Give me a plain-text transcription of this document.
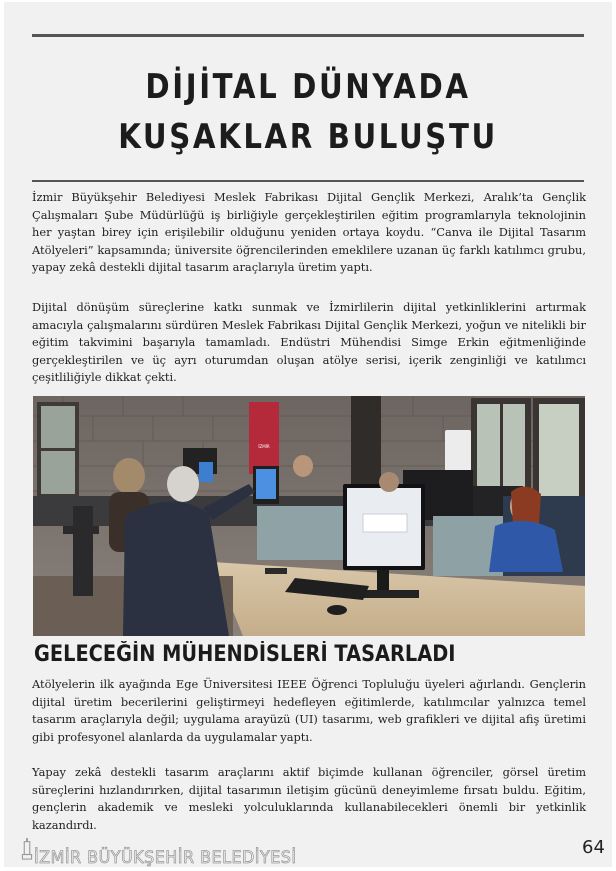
DİJİTAL DÜNYADA
KUŞAKLAR BULUŞTU

İzmir Büyükşehir Belediyesi Meslek Fabrikası Dijital Gençlik Merkezi, Aralık’ta Gençlik Çalışmaları Şube Müdürlüğü iş birliğiyle gerçekleştirilen eğitim programlarıyla teknolojinin her yaştan birey için erişilebilir olduğunu yeniden ortaya koydu. “Canva ile Dijital Tasarım Atölyeleri” kapsamında; üniversite öğrencilerinden emeklilere uzanan üç farklı katılımcı grubu, yapay zekâ destekli dijital tasarım araçlarıyla üretim yaptı.

Dijital dönüşüm süreçlerine katkı sunmak ve İzmirlilerin dijital yetkinliklerini artırmak amacıyla çalışmalarını sürdüren Meslek Fabrikası Dijital Gençlik Merkezi, yoğun ve nitelikli bir eğitim takvimini başarıyla tamamladı. Endüstri Mühendisi Simge Erkin eğitmenliğinde gerçekleştirilen ve üç ayrı oturumdan oluşan atölye serisi, içerik zenginliği ve katılımcı çeşitliliğiyle dikkat çekti.

İZMİR
GELECEĞİN MÜHENDİSLERİ TASARLADI

Atölyelerin ilk ayağında Ege Üniversitesi IEEE Öğrenci Topluluğu üyeleri ağırlandı. Gençlerin dijital üretim becerilerini geliştirmeyi hedefleyen eğitimlerde, katılımcılar yalnızca temel tasarım araçlarıyla değil; uygulama arayüzü (UI) tasarımı, web grafikleri ve dijital afiş üretimi gibi profesyonel alanlarda da uygulamalar yaptı.

Yapay zekâ destekli tasarım araçlarını aktif biçimde kullanan öğrenciler, görsel üretim süreçlerini hızlandırırken, dijital tasarımın iletişim gücünü deneyimleme fırsatı buldu. Eğitim, gençlerin akademik ve mesleki yolculuklarında kullanabilecekleri önemli bir yetkinlik kazandırdı.

İZMİR BÜYÜKŞEHİR BELEDİYESİ	64
